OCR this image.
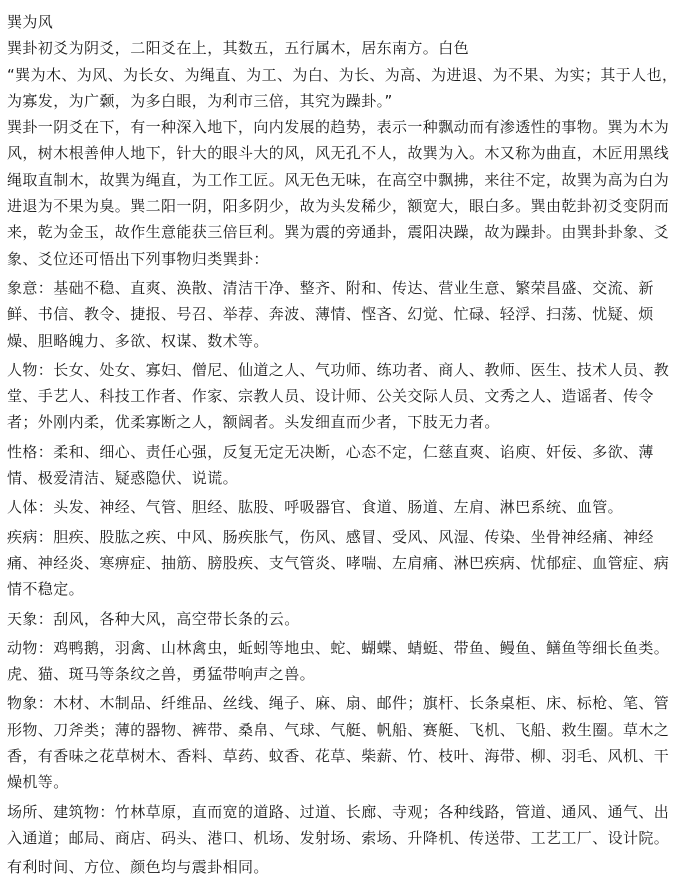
巽为风

巽卦初爻为阴爻，二阳爻在上，其数五，五行属木，居东南方。白色

“巽为木、为风、为长女、为绳直、为工、为白、为长、为高、为进退、为不果、为实；其于人也，为寡发，为广颡，为多白眼，为利市三倍，其究为躁卦。”

巽卦一阴爻在下，有一种深入地下，向内发展的趋势，表示一种飘动而有渗透性的事物。巽为木为风，树木根善伸人地下，针大的眼斗大的风，风无孔不人，故巽为入。木又称为曲直，木匠用黑线绳取直制木，故巽为绳直，为工作工匠。风无色无味，在高空中飘拂，来往不定，故巽为高为白为进退为不果为臭。巽二阳一阴，阳多阴少，故为头发稀少，额宽大，眼白多。巽由乾卦初爻变阴而来，乾为金玉，故作生意能获三倍巨利。巽为震的旁通卦，震阳决躁，故为躁卦。由巽卦卦象、爻象、爻位还可悟出下列事物归类巽卦：

象意：基础不稳、直爽、涣散、清洁干净、整齐、附和、传达、营业生意、繁荣昌盛、交流、新鲜、书信、教令、捷报、号召、举荐、奔波、薄情、悭吝、幻觉、忙碌、轻浮、扫荡、忧疑、烦燥、胆略魄力、多欲、权谋、数术等。

人物：长女、处女、寡妇、僧尼、仙道之人、气功师、练功者、商人、教师、医生、技术人员、教堂、手艺人、科技工作者、作家、宗教人员、设计师、公关交际人员、文秀之人、造谣者、传令者；外刚内柔，优柔寡断之人，额阔者。头发细直而少者，下肢无力者。

性格：柔和、细心、责任心强，反复无定无决断，心态不定，仁慈直爽、谄庾、奸佞、多欲、薄情、极爱清洁、疑惑隐伏、说谎。

人体：头发、神经、气管、胆经、肱股、呼吸器官、食道、肠道、左肩、淋巴系统、血管。

疾病：胆疾、股肱之疾、中风、肠疾胀气，伤风、感冒、受风、风湿、传染、坐骨神经痛、神经痛、神经炎、寒痹症、抽筋、膀股疾、支气管炎、哮喘、左肩痛、淋巴疾病、忧郁症、血管症、病情不稳定。

天象：刮风，各种大风，高空带长条的云。

动物：鸡鸭鹅，羽禽、山林禽虫，蚯蚓等地虫、蛇、蝴蝶、蜻蜓、带鱼、鳗鱼、鳝鱼等细长鱼类。虎、猫、斑马等条纹之兽，勇猛带响声之兽。

物象：木材、木制品、纤维品、丝线、绳子、麻、扇、邮件；旗杆、长条桌柜、床、标枪、笔、管形物、刀斧类；薄的器物、裤带、桑帛、气球、气艇、帆船、赛艇、飞机、飞船、救生圈。草木之香，有香味之花草树木、香料、草药、蚊香、花草、柴薪、竹、枝叶、海带、柳、羽毛、风机、干燥机等。

场所、建筑物：竹林草原，直而宽的道路、过道、长廊、寺观；各种线路，管道、通风、通气、出入通道；邮局、商店、码头、港口、机场、发射场、索场、升降机、传送带、工艺工厂、设计院。

有利时间、方位、颜色均与震卦相同。
